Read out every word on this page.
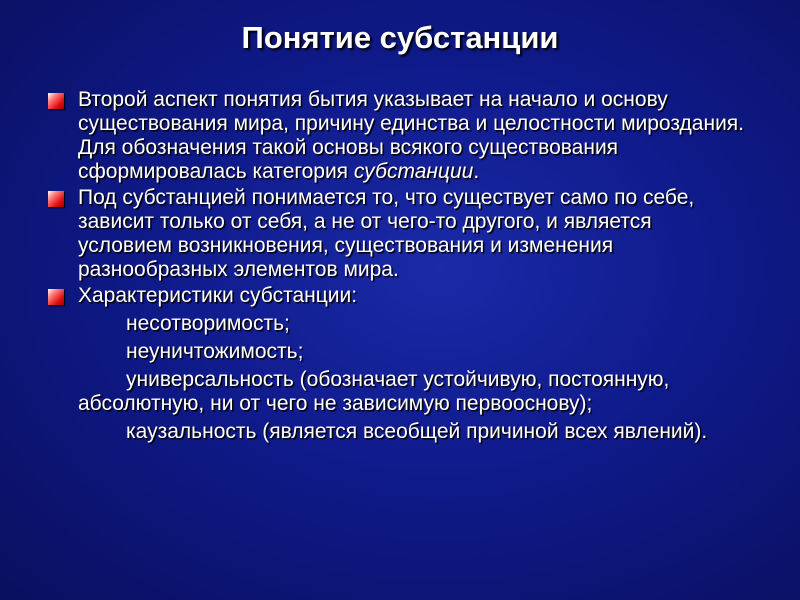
Понятие субстанции
Второй аспект понятия бытия указывает на начало и основу существования мира, причину единства и целостности мироздания. Для обозначения такой основы всякого существования сформировалась категория субстанции.
Под субстанцией понимается то, что существует само по себе, зависит только от себя, а не от чего-то другого, и является условием возникновения, существования и изменения разнообразных элементов мира.
Характеристики субстанции:
несотворимость;
неуничтожимость;
универсальность (обозначает устойчивую, постоянную, абсолютную, ни от чего не зависимую первооснову);
каузальность (является всеобщей причиной всех явлений).
